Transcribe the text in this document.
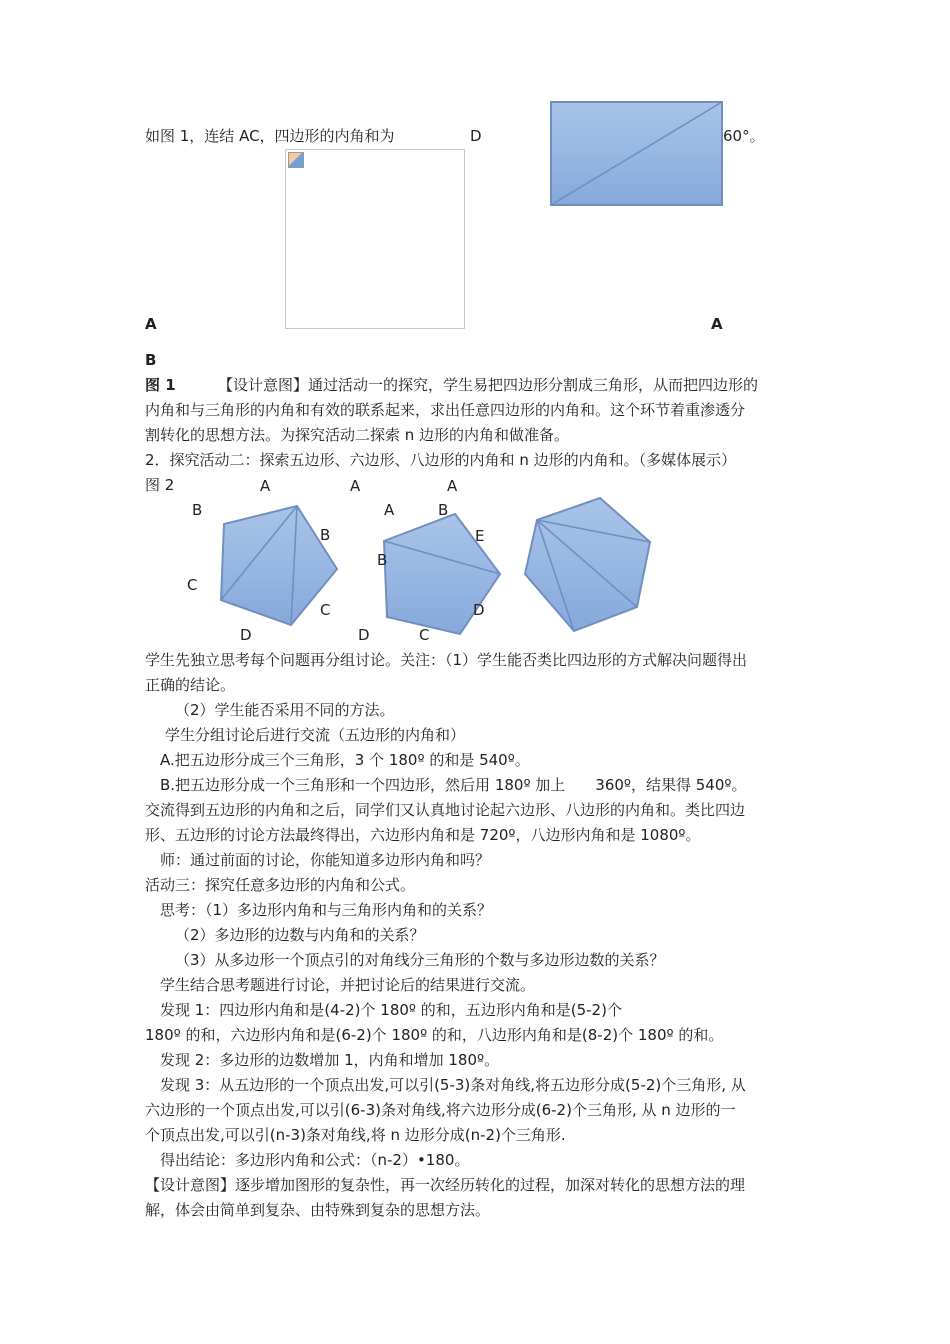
如图 1，连结 AC，四边形的内角和为	D	60°。
A	A
B
图 1	【设计意图】通过活动一的探究，学生易把四边形分割成三角形，从而把四边形的
内角和与三角形的内角和有效的联系起来，求出任意四边形的内角和。这个环节着重渗透分
割转化的思想方法。为探究活动二探索 n 边形的内角和做准备。
2．探究活动二：探索五边形、六边形、八边形的内角和 n 边形的内角和。（多媒体展示）
图 2	A
B
B
C
C
D
A
A	B
E
B
D
D	C
A
学生先独立思考每个问题再分组讨论。关注：（1）学生能否类比四边形的方式解决问题得出
正确的结论。
（2）学生能否采用不同的方法。
学生分组讨论后进行交流（五边形的内角和）
A.把五边形分成三个三角形，3 个 180º 的和是 540º。
B.把五边形分成一个三角形和一个四边形，然后用 180º 加上　　360º，结果得 540º。
交流得到五边形的内角和之后，同学们又认真地讨论起六边形、八边形的内角和。类比四边
形、五边形的讨论方法最终得出，六边形内角和是 720º，八边形内角和是 1080º。
师：通过前面的讨论，你能知道多边形内角和吗？
活动三：探究任意多边形的内角和公式。
思考：（1）多边形内角和与三角形内角和的关系？
（2）多边形的边数与内角和的关系？
（3）从多边形一个顶点引的对角线分三角形的个数与多边形边数的关系？
学生结合思考题进行讨论，并把讨论后的结果进行交流。
发现 1：四边形内角和是(4-2)个 180º 的和，五边形内角和是(5-2)个
180º 的和，六边形内角和是(6-2)个 180º 的和，八边形内角和是(8-2)个 180º 的和。
发现 2：多边形的边数增加 1，内角和增加 180º。
发现 3：从五边形的一个顶点出发,可以引(5-3)条对角线,将五边形分成(5-2)个三角形, 从
六边形的一个顶点出发,可以引(6-3)条对角线,将六边形分成(6-2)个三角形, 从 n 边形的一
个顶点出发,可以引(n-3)条对角线,将 n 边形分成(n-2)个三角形.
得出结论：多边形内角和公式：（n-2）•180。
【设计意图】逐步增加图形的复杂性，再一次经历转化的过程，加深对转化的思想方法的理
解，体会由简单到复杂、由特殊到复杂的思想方法。
